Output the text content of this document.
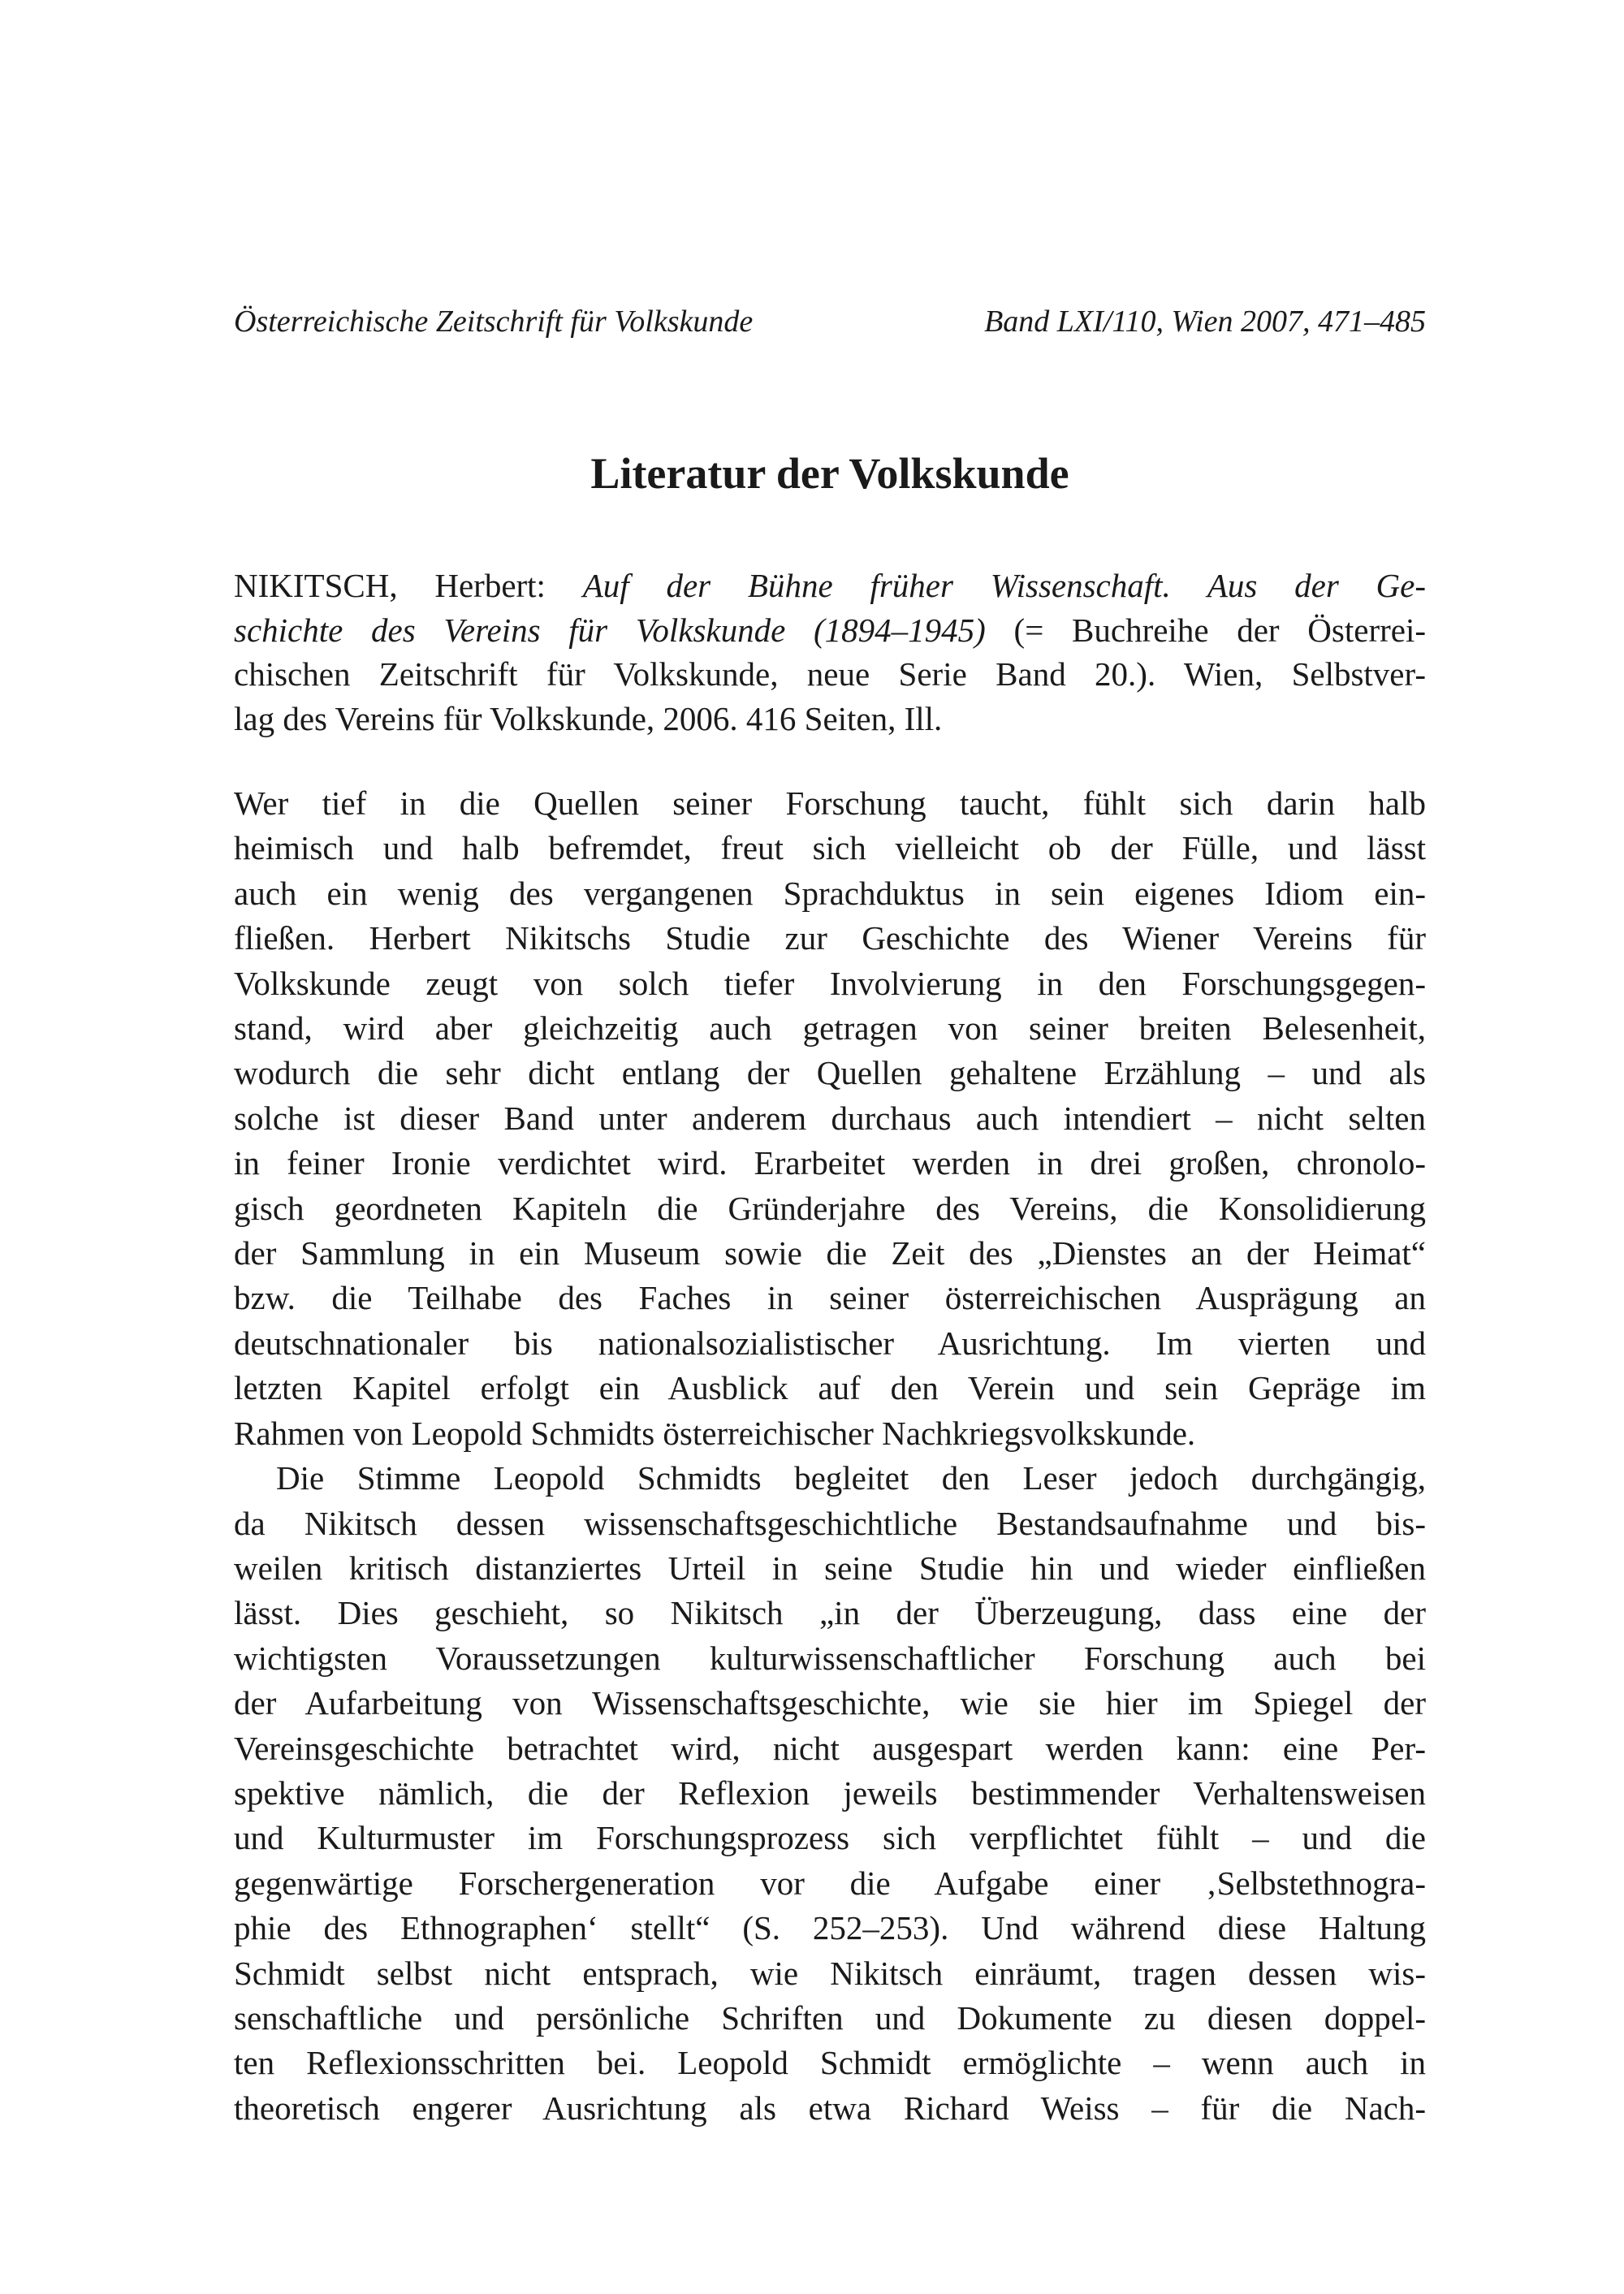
Österreichische Zeitschrift für Volkskunde	Band LXI/110, Wien 2007, 471–485
Literatur der Volkskunde
NIKITSCH, Herbert: Auf der Bühne früher Wissenschaft. Aus der Ge-
schichte des Vereins für Volkskunde (1894–1945) (= Buchreihe der Österrei-
chischen Zeitschrift für Volkskunde, neue Serie Band 20.). Wien, Selbstver-
lag des Vereins für Volkskunde, 2006. 416 Seiten, Ill.

Wer tief in die Quellen seiner Forschung taucht, fühlt sich darin halb
heimisch und halb befremdet, freut sich vielleicht ob der Fülle, und lässt
auch ein wenig des vergangenen Sprachduktus in sein eigenes Idiom ein-
fließen. Herbert Nikitschs Studie zur Geschichte des Wiener Vereins für
Volkskunde zeugt von solch tiefer Involvierung in den Forschungsgegen-
stand, wird aber gleichzeitig auch getragen von seiner breiten Belesenheit,
wodurch die sehr dicht entlang der Quellen gehaltene Erzählung – und als
solche ist dieser Band unter anderem durchaus auch intendiert – nicht selten
in feiner Ironie verdichtet wird. Erarbeitet werden in drei großen, chronolo-
gisch geordneten Kapiteln die Gründerjahre des Vereins, die Konsolidierung
der Sammlung in ein Museum sowie die Zeit des „Dienstes an der Heimat“
bzw. die Teilhabe des Faches in seiner österreichischen Ausprägung an
deutschnationaler bis nationalsozialistischer Ausrichtung. Im vierten und
letzten Kapitel erfolgt ein Ausblick auf den Verein und sein Gepräge im
Rahmen von Leopold Schmidts österreichischer Nachkriegsvolkskunde.

Die Stimme Leopold Schmidts begleitet den Leser jedoch durchgängig,
da Nikitsch dessen wissenschaftsgeschichtliche Bestandsaufnahme und bis-
weilen kritisch distanziertes Urteil in seine Studie hin und wieder einfließen
lässt. Dies geschieht, so Nikitsch „in der Überzeugung, dass eine der
wichtigsten Voraussetzungen kulturwissenschaftlicher Forschung auch bei
der Aufarbeitung von Wissenschaftsgeschichte, wie sie hier im Spiegel der
Vereinsgeschichte betrachtet wird, nicht ausgespart werden kann: eine Per-
spektive nämlich, die der Reflexion jeweils bestimmender Verhaltensweisen
und Kulturmuster im Forschungsprozess sich verpflichtet fühlt – und die
gegenwärtige Forschergeneration vor die Aufgabe einer ‚Selbstethnogra-
phie des Ethnographen‘ stellt“ (S. 252–253). Und während diese Haltung
Schmidt selbst nicht entsprach, wie Nikitsch einräumt, tragen dessen wis-
senschaftliche und persönliche Schriften und Dokumente zu diesen doppel-
ten Reflexionsschritten bei. Leopold Schmidt ermöglichte – wenn auch in
theoretisch engerer Ausrichtung als etwa Richard Weiss – für die Nach-
